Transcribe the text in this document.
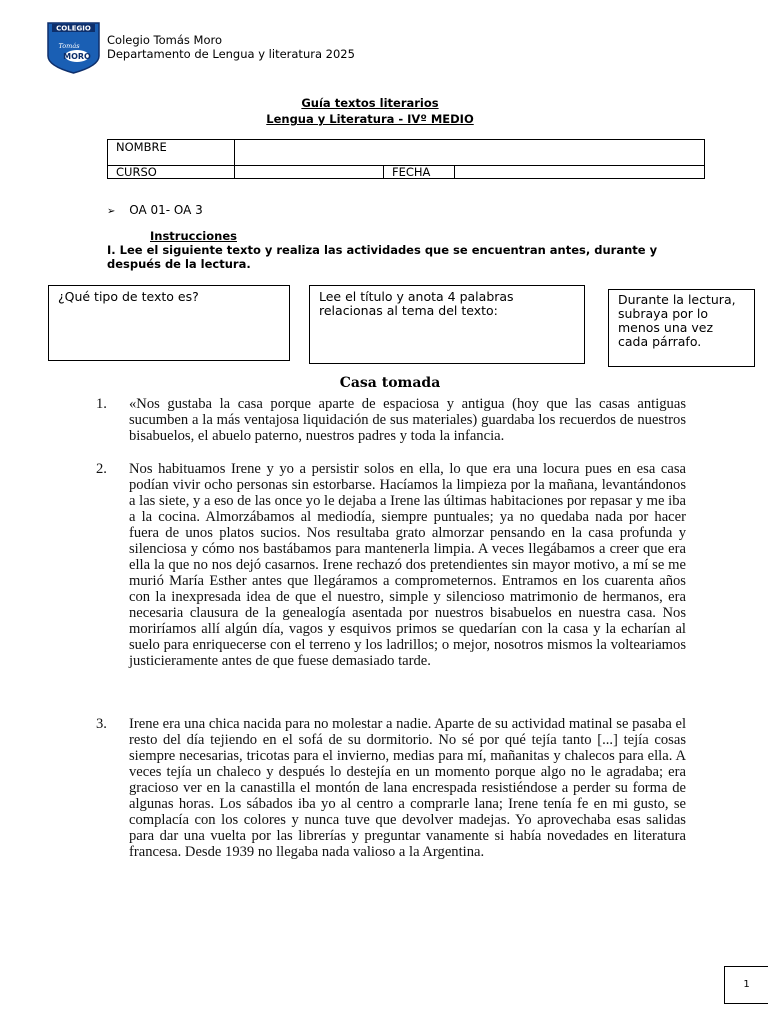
COLEGIO
Tomás
MORO
Colegio Tomás Moro
Departamento de Lengua y literatura 2025
Guía textos literarios
Lengua y Literatura - IVº MEDIO
NOMBRE			
CURSO		FECHA	
➢ OA 01- OA 3
Instrucciones
I. Lee el siguiente texto y realiza las actividades que se encuentran antes, durante y después de la lectura.
¿Qué tipo de texto es?	Lee el título y anota 4 palabras relacionas al tema del texto:
Durante la lectura, subraya por lo menos una vez cada párrafo.
Casa tomada
1.	«Nos gustaba la casa porque aparte de espaciosa y antigua (hoy que las casas antiguas sucumben a la más ventajosa liquidación de sus materiales) guardaba los recuerdos de nuestros bisabuelos, el abuelo paterno, nuestros padres y toda la infancia.
2.	Nos habituamos Irene y yo a persistir solos en ella, lo que era una locura pues en esa casa podían vivir ocho personas sin estorbarse. Hacíamos la limpieza por la mañana, levantándonos a las siete, y a eso de las once yo le dejaba a Irene las últimas habitaciones por repasar y me iba a la cocina. Almorzábamos al mediodía, siempre puntuales; ya no quedaba nada por hacer fuera de unos platos sucios. Nos resultaba grato almorzar pensando en la casa profunda y silenciosa y cómo nos bastábamos para mantenerla limpia. A veces llegábamos a creer que era ella la que no nos dejó casarnos. Irene rechazó dos pretendientes sin mayor motivo, a mí se me murió María Esther antes que llegáramos a comprometernos. Entramos en los cuarenta años con la inexpresada idea de que el nuestro, simple y silencioso matrimonio de hermanos, era necesaria clausura de la genealogía asentada por nuestros bisabuelos en nuestra casa. Nos moriríamos allí algún día, vagos y esquivos primos se quedarían con la casa y la echarían al suelo para enriquecerse con el terreno y los ladrillos; o mejor, nosotros mismos la volteariamos justicieramente antes de que fuese demasiado tarde.
3.	Irene era una chica nacida para no molestar a nadie. Aparte de su actividad matinal se pasaba el resto del día tejiendo en el sofá de su dormitorio. No sé por qué tejía tanto [...] tejía cosas siempre necesarias, tricotas para el invierno, medias para mí, mañanitas y chalecos para ella. A veces tejía un chaleco y después lo destejía en un momento porque algo no le agradaba; era gracioso ver en la canastilla el montón de lana encrespada resistiéndose a perder su forma de algunas horas. Los sábados iba yo al centro a comprarle lana; Irene tenía fe en mi gusto, se complacía con los colores y nunca tuve que devolver madejas. Yo aprovechaba esas salidas para dar una vuelta por las librerías y preguntar vanamente si había novedades en literatura francesa. Desde 1939 no llegaba nada valioso a la Argentina.
1
